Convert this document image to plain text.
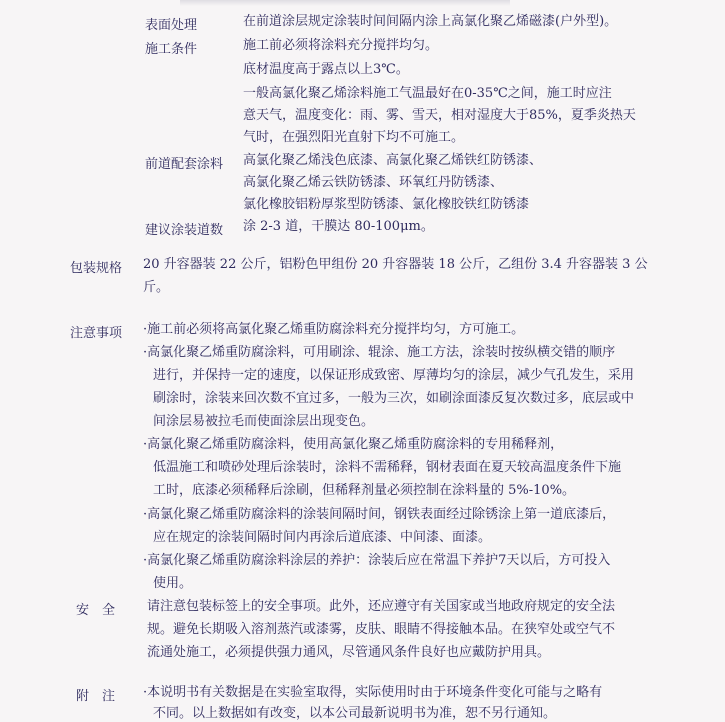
表面处理	在前道涂层规定涂装时间间隔内涂上高氯化聚乙烯磁漆(户外型)。
施工条件	施工前必须将涂料充分搅拌均匀。
底材温度高于露点以上3℃。
一般高氯化聚乙烯涂料施工气温最好在0-35℃之间，施工时应注
意天气，温度变化：雨、雾、雪天，相对湿度大于85%，夏季炎热天
气时，在强烈阳光直射下均不可施工。
前道配套涂料 高氯化聚乙烯浅色底漆、高氯化聚乙烯铁红防锈漆、
高氯化聚乙烯云铁防锈漆、环氧红丹防锈漆、
氯化橡胶铝粉厚浆型防锈漆、氯化橡胶铁红防锈漆
建议涂装道数 涂 2-3 道，干膜达 80-100μm。
包装规格 20 升容器装 22 公斤，铝粉色甲组份 20 升容器装 18 公斤，乙组份 3.4 升容器装 3 公
斤。
注意事项 ·施工前必须将高氯化聚乙烯重防腐涂料充分搅拌均匀，方可施工。
·高氯化聚乙烯重防腐涂料，可用刷涂、辊涂、施工方法，涂装时按纵横交错的顺序
进行，并保持一定的速度，以保证形成致密、厚薄均匀的涂层，减少气孔发生，采用
刷涂时，涂装来回次数不宜过多，一般为三次，如刷涂面漆反复次数过多，底层或中
间涂层易被拉毛而使面涂层出现变色。
·高氯化聚乙烯重防腐涂料，使用高氯化聚乙烯重防腐涂料的专用稀释剂，
低温施工和喷砂处理后涂装时，涂料不需稀释，钢材表面在夏天较高温度条件下施
工时，底漆必须稀释后涂刷，但稀释剂量必须控制在涂料量的 5%-10%。
·高氯化聚乙烯重防腐涂料的涂装间隔时间，钢铁表面经过除锈涂上第一道底漆后，
应在规定的涂装间隔时间内再涂后道底漆、中间漆、面漆。
·高氯化聚乙烯重防腐涂料涂层的养护：涂装后应在常温下养护7天以后，方可投入
使用。
安　全 请注意包装标签上的安全事项。此外，还应遵守有关国家或当地政府规定的安全法
规。避免长期吸入溶剂蒸汽或漆雾，皮肤、眼睛不得接触本品。在狭窄处或空气不
流通处施工，必须提供强力通风，尽管通风条件良好也应戴防护用具。
附　注 ·本说明书有关数据是在实验室取得，实际使用时由于环境条件变化可能与之略有
不同。以上数据如有改变，以本公司最新说明书为准，恕不另行通知。
